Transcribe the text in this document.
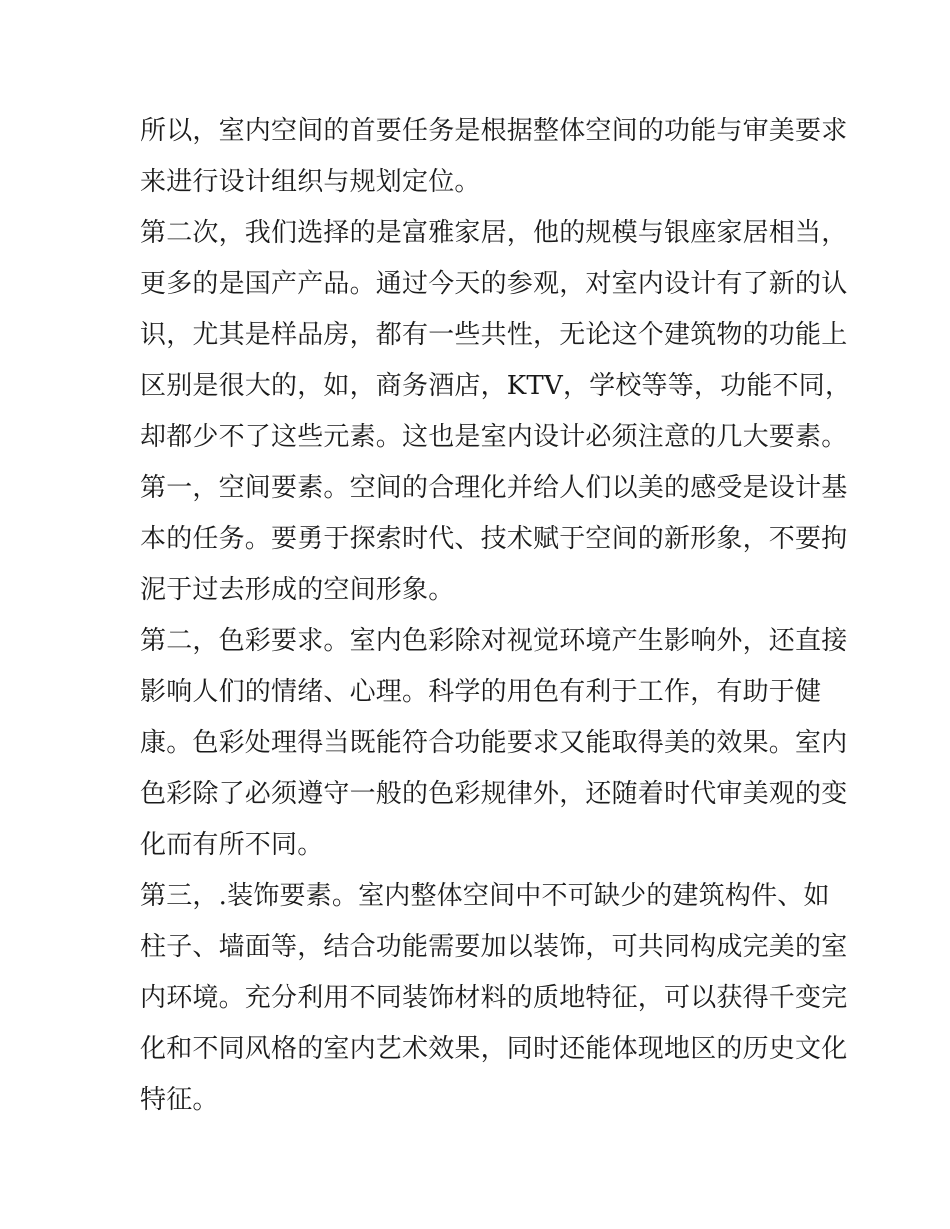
所以，室内空间的首要任务是根据整体空间的功能与审美要求
来进行设计组织与规划定位。
第二次，我们选择的是富雅家居，他的规模与银座家居相当，
更多的是国产产品。通过今天的参观，对室内设计有了新的认
识，尤其是样品房，都有一些共性，无论这个建筑物的功能上
区别是很大的，如，商务酒店，KTV，学校等等，功能不同，
却都少不了这些元素。这也是室内设计必须注意的几大要素。
第一，空间要素。空间的合理化并给人们以美的感受是设计基
本的任务。要勇于探索时代、技术赋于空间的新形象，不要拘
泥于过去形成的空间形象。
第二，色彩要求。室内色彩除对视觉环境产生影响外，还直接
影响人们的情绪、心理。科学的用色有利于工作，有助于健
康。色彩处理得当既能符合功能要求又能取得美的效果。室内
色彩除了必须遵守一般的色彩规律外，还随着时代审美观的变
化而有所不同。
第三，.装饰要素。室内整体空间中不可缺少的建筑构件、如
柱子、墙面等，结合功能需要加以装饰，可共同构成完美的室
内环境。充分利用不同装饰材料的质地特征，可以获得千变完
化和不同风格的室内艺术效果，同时还能体现地区的历史文化
特征。
